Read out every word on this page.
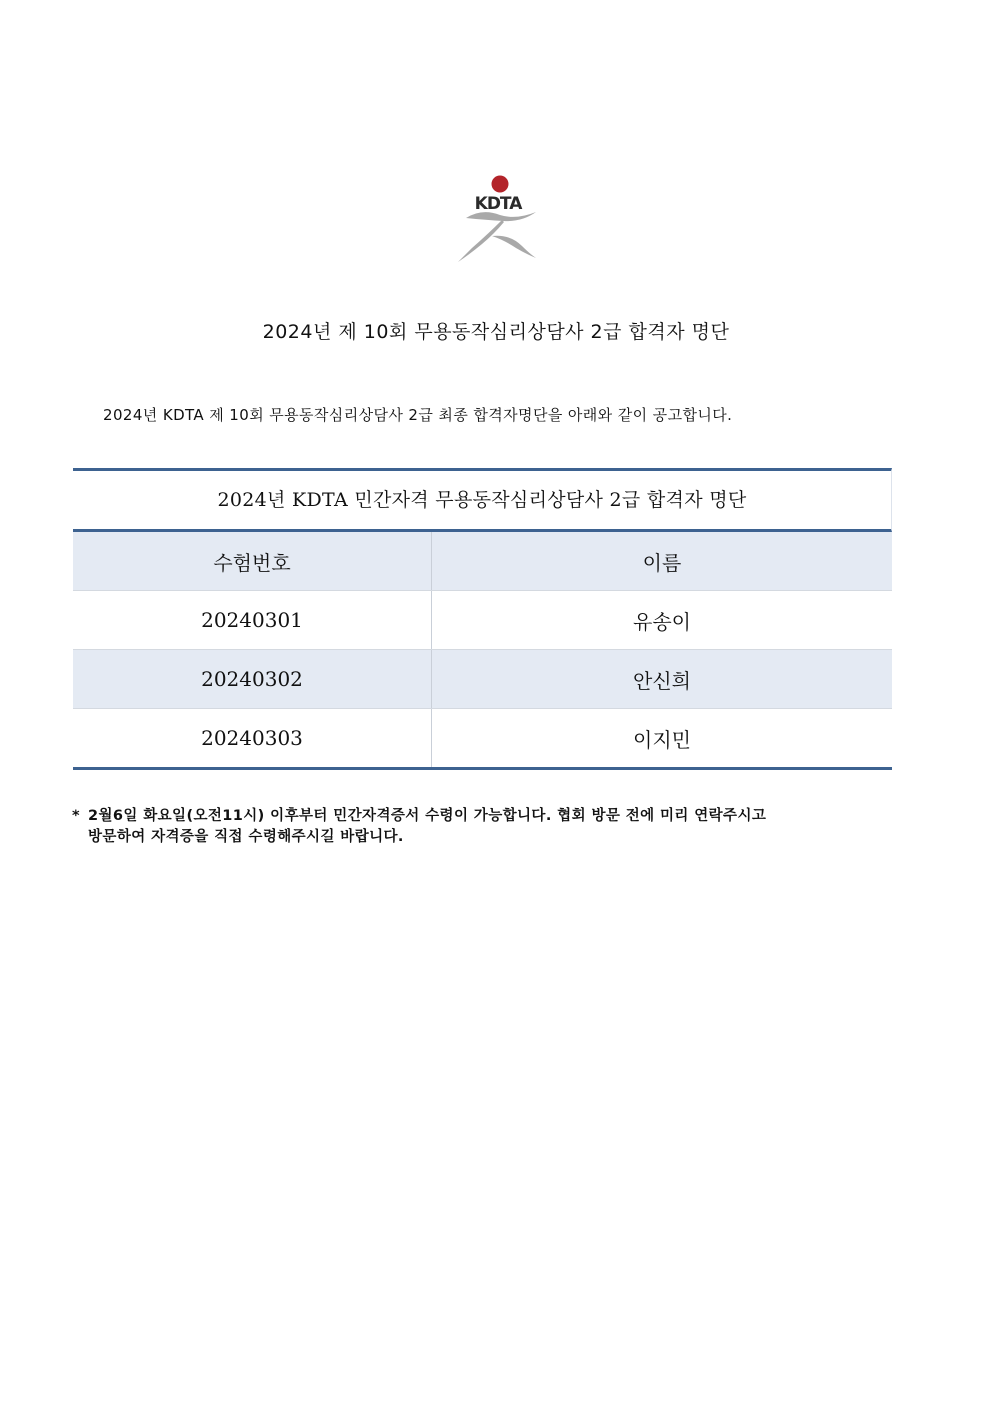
KDTA
2024년 제 10회 무용동작심리상담사 2급 합격자 명단
2024년 KDTA 제 10회 무용동작심리상담사 2급 최종 합격자명단을 아래와 같이 공고합니다.
2024년 KDTA 민간자격 무용동작심리상담사 2급 합격자 명단
수험번호	이름
20240301	유송이
20240302	안신희
20240303	이지민
* 2월6일 화요일(오전11시) 이후부터 민간자격증서 수령이 가능합니다. 협회 방문 전에 미리 연락주시고
방문하여 자격증을 직접 수령해주시길 바랍니다.
